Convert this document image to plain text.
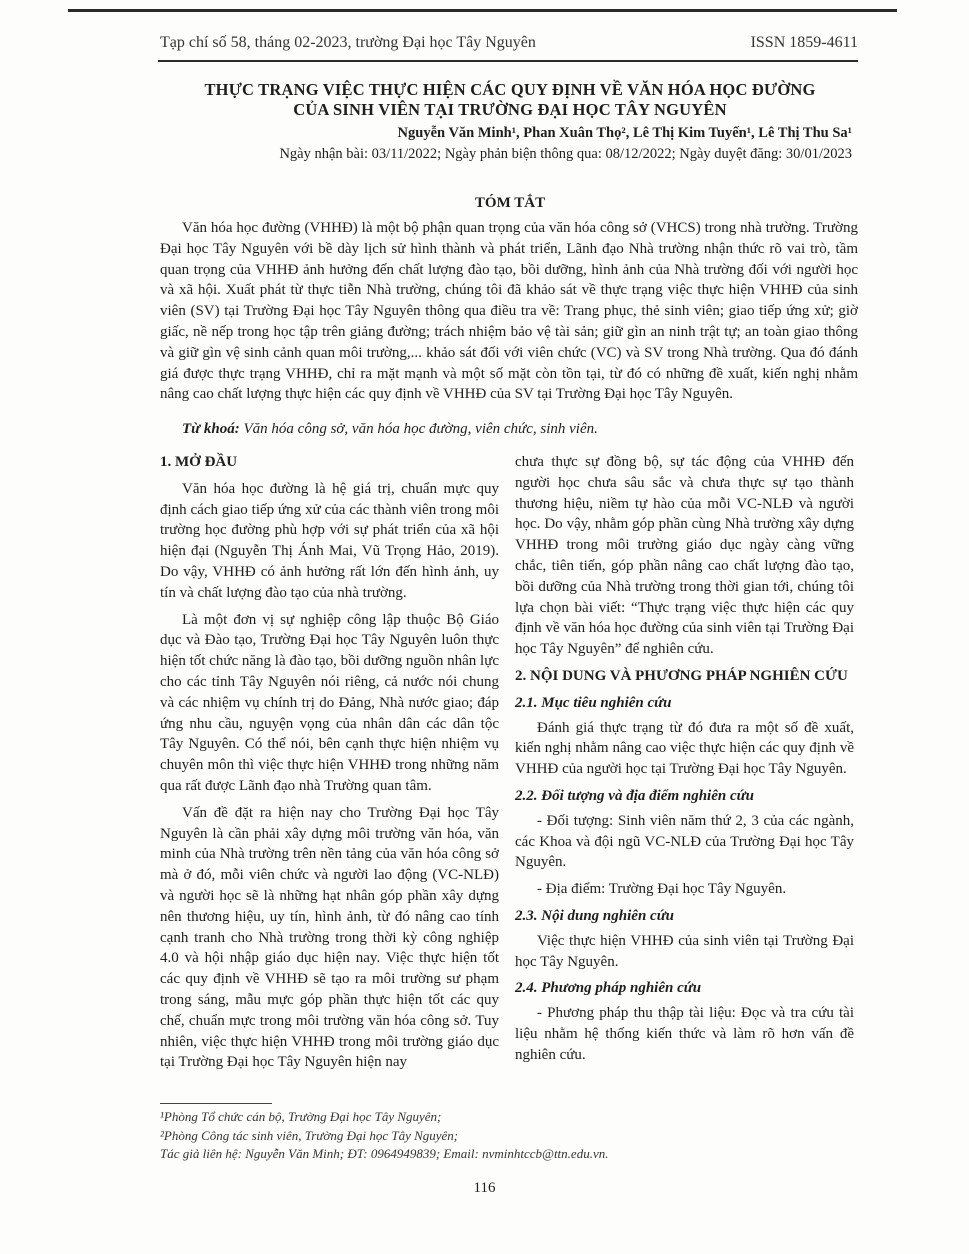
Tạp chí số 58, tháng 02-2023, trường Đại học Tây Nguyên	ISSN 1859-4611
THỰC TRẠNG VIỆC THỰC HIỆN CÁC QUY ĐỊNH VỀ VĂN HÓA HỌC ĐƯỜNG
CỦA SINH VIÊN TẠI TRƯỜNG ĐẠI HỌC TÂY NGUYÊN
Nguyễn Văn Minh¹, Phan Xuân Thọ², Lê Thị Kim Tuyến¹, Lê Thị Thu Sa¹
Ngày nhận bài: 03/11/2022; Ngày phản biện thông qua: 08/12/2022; Ngày duyệt đăng: 30/01/2023
TÓM TẮT

Văn hóa học đường (VHHĐ) là một bộ phận quan trọng của văn hóa công sở (VHCS) trong nhà trường. Trường Đại học Tây Nguyên với bề dày lịch sử hình thành và phát triển, Lãnh đạo Nhà trường nhận thức rõ vai trò, tầm quan trọng của VHHĐ ảnh hưởng đến chất lượng đào tạo, bồi dưỡng, hình ảnh của Nhà trường đối với người học và xã hội. Xuất phát từ thực tiễn Nhà trường, chúng tôi đã khảo sát về thực trạng việc thực hiện VHHĐ của sinh viên (SV) tại Trường Đại học Tây Nguyên thông qua điều tra về: Trang phục, thẻ sinh viên; giao tiếp ứng xử; giờ giấc, nề nếp trong học tập trên giảng đường; trách nhiệm bảo vệ tài sản; giữ gìn an ninh trật tự; an toàn giao thông và giữ gìn vệ sinh cảnh quan môi trường,... khảo sát đối với viên chức (VC) và SV trong Nhà trường. Qua đó đánh giá được thực trạng VHHĐ, chỉ ra mặt mạnh và một số mặt còn tồn tại, từ đó có những đề xuất, kiến nghị nhằm nâng cao chất lượng thực hiện các quy định về VHHĐ của SV tại Trường Đại học Tây Nguyên.

Từ khoá: Văn hóa công sở, văn hóa học đường, viên chức, sinh viên.
1. MỞ ĐẦU

Văn hóa học đường là hệ giá trị, chuẩn mực quy định cách giao tiếp ứng xử của các thành viên trong môi trường học đường phù hợp với sự phát triển của xã hội hiện đại (Nguyễn Thị Ánh Mai, Vũ Trọng Hảo, 2019). Do vậy, VHHĐ có ảnh hưởng rất lớn đến hình ảnh, uy tín và chất lượng đào tạo của nhà trường.

Là một đơn vị sự nghiệp công lập thuộc Bộ Giáo dục và Đào tạo, Trường Đại học Tây Nguyên luôn thực hiện tốt chức năng là đào tạo, bồi dưỡng nguồn nhân lực cho các tỉnh Tây Nguyên nói riêng, cả nước nói chung và các nhiệm vụ chính trị do Đảng, Nhà nước giao; đáp ứng nhu cầu, nguyện vọng của nhân dân các dân tộc Tây Nguyên. Có thể nói, bên cạnh thực hiện nhiệm vụ chuyên môn thì việc thực hiện VHHĐ trong những năm qua rất được Lãnh đạo nhà Trường quan tâm.

Vấn đề đặt ra hiện nay cho Trường Đại học Tây Nguyên là cần phải xây dựng môi trường văn hóa, văn minh của Nhà trường trên nền tảng của văn hóa công sở mà ở đó, mỗi viên chức và người lao động (VC-NLĐ) và người học sẽ là những hạt nhân góp phần xây dựng nên thương hiệu, uy tín, hình ảnh, từ đó nâng cao tính cạnh tranh cho Nhà trường trong thời kỳ công nghiệp 4.0 và hội nhập giáo dục hiện nay. Việc thực hiện tốt các quy định về VHHĐ sẽ tạo ra môi trường sư phạm trong sáng, mẫu mực góp phần thực hiện tốt các quy chế, chuẩn mực trong môi trường văn hóa công sở. Tuy nhiên, việc thực hiện VHHĐ trong môi trường giáo dục tại Trường Đại học Tây Nguyên hiện nay

chưa thực sự đồng bộ, sự tác động của VHHĐ đến người học chưa sâu sắc và chưa thực sự tạo thành thương hiệu, niềm tự hào của mỗi VC-NLĐ và người học. Do vậy, nhằm góp phần cùng Nhà trường xây dựng VHHĐ trong môi trường giáo dục ngày càng vững chắc, tiên tiến, góp phần nâng cao chất lượng đào tạo, bồi dưỡng của Nhà trường trong thời gian tới, chúng tôi lựa chọn bài viết: “Thực trạng việc thực hiện các quy định về văn hóa học đường của sinh viên tại Trường Đại học Tây Nguyên” để nghiên cứu.

2. NỘI DUNG VÀ PHƯƠNG PHÁP NGHIÊN CỨU
2.1. Mục tiêu nghiên cứu

Đánh giá thực trạng từ đó đưa ra một số đề xuất, kiến nghị nhằm nâng cao việc thực hiện các quy định về VHHĐ của người học tại Trường Đại học Tây Nguyên.

2.2. Đối tượng và địa điểm nghiên cứu

- Đối tượng: Sinh viên năm thứ 2, 3 của các ngành, các Khoa và đội ngũ VC-NLĐ của Trường Đại học Tây Nguyên.

- Địa điểm: Trường Đại học Tây Nguyên.

2.3. Nội dung nghiên cứu

Việc thực hiện VHHĐ của sinh viên tại Trường Đại học Tây Nguyên.

2.4. Phương pháp nghiên cứu

- Phương pháp thu thập tài liệu: Đọc và tra cứu tài liệu nhằm hệ thống kiến thức và làm rõ hơn vấn đề nghiên cứu.

¹Phòng Tổ chức cán bộ, Trường Đại học Tây Nguyên;
²Phòng Công tác sinh viên, Trường Đại học Tây Nguyên;
Tác giả liên hệ: Nguyễn Văn Minh; ĐT: 0964949839; Email: nvminhtccb@ttn.edu.vn.
116
